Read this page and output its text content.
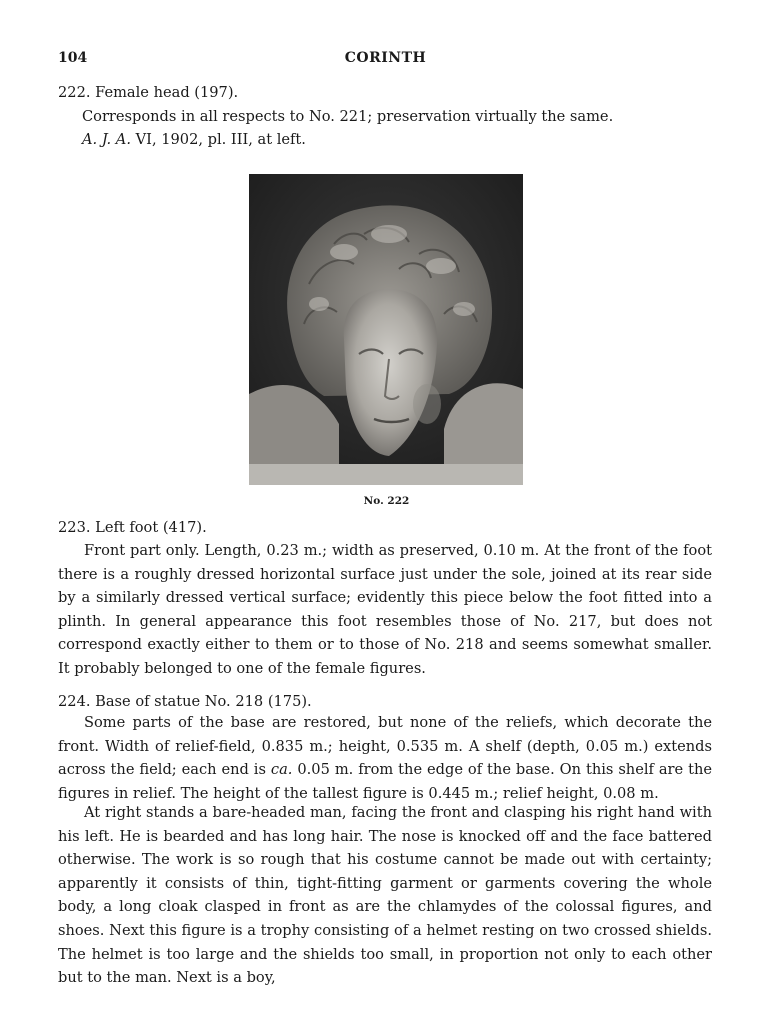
104	CORINTH
222. Female head (197).
Corresponds in all respects to No. 221; preservation virtually the same.
A. J. A. VI, 1902, pl. III, at left.
No. 222
223. Left foot (417).
Front part only. Length, 0.23 m.; width as preserved, 0.10 m. At the front of the foot there is a roughly dressed horizontal surface just under the sole, joined at its rear side by a similarly dressed vertical surface; evidently this piece below the foot fitted into a plinth. In general appearance this foot resembles those of No. 217, but does not correspond exactly either to them or to those of No. 218 and seems somewhat smaller. It probably belonged to one of the female figures.
224. Base of statue No. 218 (175).
Some parts of the base are restored, but none of the reliefs, which decorate the front. Width of relief-field, 0.835 m.; height, 0.535 m. A shelf (depth, 0.05 m.) extends across the field; each end is ca. 0.05 m. from the edge of the base. On this shelf are the figures in relief. The height of the tallest figure is 0.445 m.; relief height, 0.08 m.
At right stands a bare-headed man, facing the front and clasping his right hand with his left. He is bearded and has long hair. The nose is knocked off and the face battered otherwise. The work is so rough that his costume cannot be made out with certainty; apparently it consists of thin, tight-fitting garment or garments covering the whole body, a long cloak clasped in front as are the chlamydes of the colossal figures, and shoes. Next this figure is a trophy consisting of a helmet resting on two crossed shields. The helmet is too large and the shields too small, in proportion not only to each other but to the man. Next is a boy,
